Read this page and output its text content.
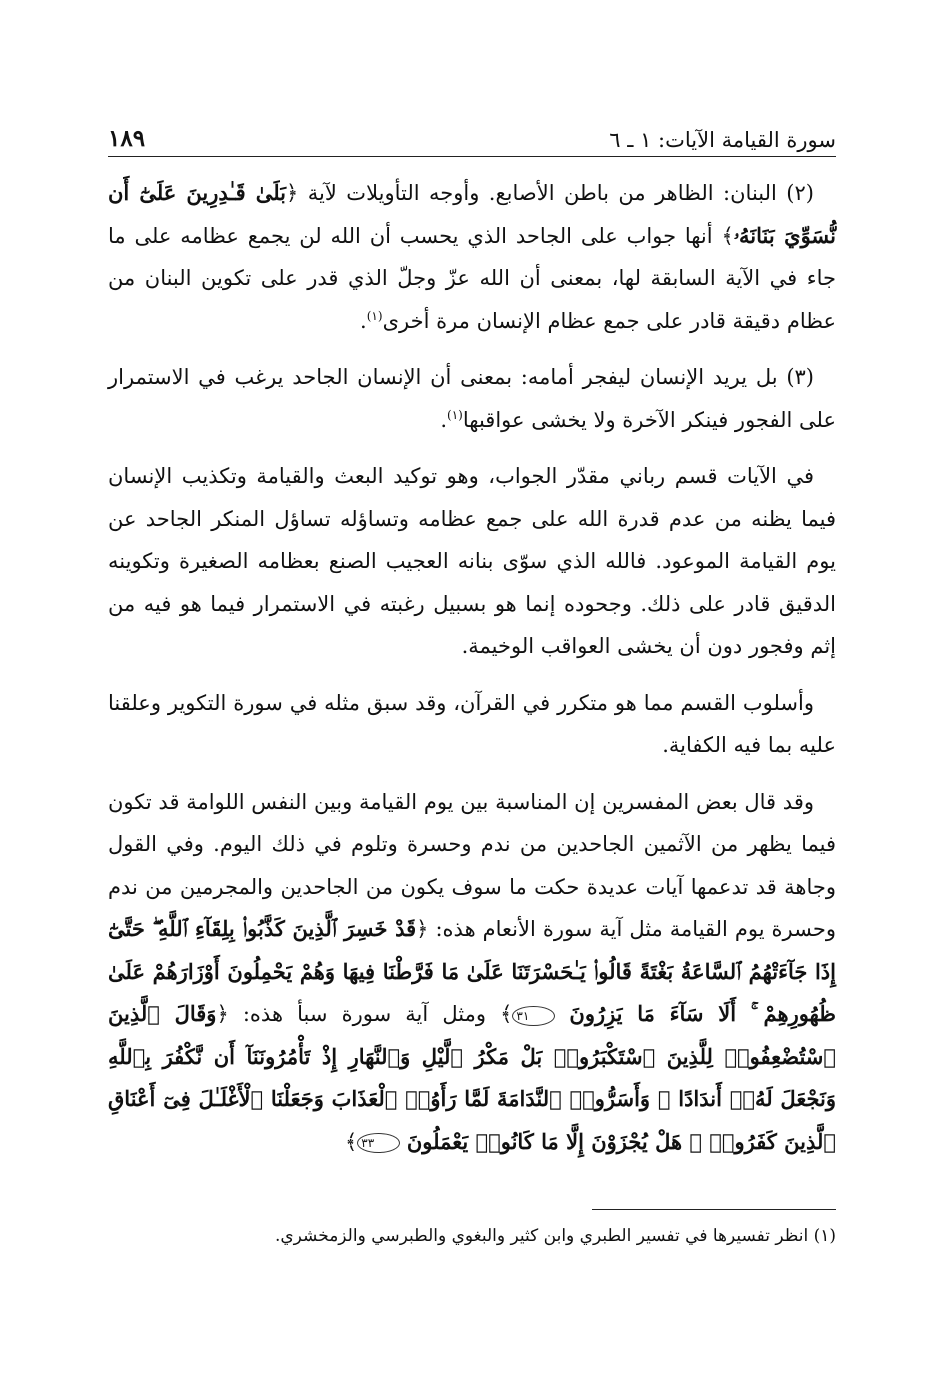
١٨٩	سورة القيامة الآيات: ١ ـ ٦

(٢) البنان: الظاهر من باطن الأصابع. وأوجه التأويلات لآية ﴿بَلَىٰ قَـٰدِرِينَ عَلَىٰٓ أَن نُّسَوِّيَ بَنَانَهُۥ﴾ أنها جواب على الجاحد الذي يحسب أن الله لن يجمع عظامه على ما جاء في الآية السابقة لها، بمعنى أن الله عزّ وجلّ الذي قدر على تكوين البنان من عظام دقيقة قادر على جمع عظام الإنسان مرة أخرى$^{(١)}$.

(٣) بل يريد الإنسان ليفجر أمامه: بمعنى أن الإنسان الجاحد يرغب في الاستمرار على الفجور فينكر الآخرة ولا يخشى عواقبها$^{(١)}$.

في الآيات قسم رباني مقدّر الجواب، وهو توكيد البعث والقيامة وتكذيب الإنسان فيما يظنه من عدم قدرة الله على جمع عظامه وتساؤله تساؤل المنكر الجاحد عن يوم القيامة الموعود. فالله الذي سوّى بنانه العجيب الصنع بعظامه الصغيرة وتكوينه الدقيق قادر على ذلك. وجحوده إنما هو بسبيل رغبته في الاستمرار فيما هو فيه من إثم وفجور دون أن يخشى العواقب الوخيمة.

وأسلوب القسم مما هو متكرر في القرآن، وقد سبق مثله في سورة التكوير وعلقنا عليه بما فيه الكفاية.

وقد قال بعض المفسرين إن المناسبة بين يوم القيامة وبين النفس اللوامة قد تكون فيما يظهر من الآثمين الجاحدين من ندم وحسرة وتلوم في ذلك اليوم. وفي القول وجاهة قد تدعمها آيات عديدة حكت ما سوف يكون من الجاحدين والمجرمين من ندم وحسرة يوم القيامة مثل آية سورة الأنعام هذه: ﴿قَدْ خَسِرَ ٱلَّذِينَ كَذَّبُوا۟ بِلِقَآءِ ٱللَّهِ ۖ حَتَّىٰٓ إِذَا جَآءَتْهُمُ ٱلسَّاعَةُ بَغْتَةً قَالُوا۟ يَـٰحَسْرَتَنَا عَلَىٰ مَا فَرَّطْنَا فِيهَا وَهُمْ يَحْمِلُونَ أَوْزَارَهُمْ عَلَىٰ ظُهُورِهِمْ ۚ أَلَا سَآءَ مَا يَزِرُونَ ٣١﴾ ومثل آية سورة سبأ هذه: ﴿وَقَالَ ٱلَّذِينَ ٱسْتُضْعِفُوا۟ لِلَّذِينَ ٱسْتَكْبَرُوا۟ بَلْ مَكْرُ ٱلَّيْلِ وَٱلنَّهَارِ إِذْ تَأْمُرُونَنَآ أَن نَّكْفُرَ بِٱللَّهِ وَنَجْعَلَ لَهُۥٓ أَندَادًا ۚ وَأَسَرُّوا۟ ٱلنَّدَامَةَ لَمَّا رَأَوُا۟ ٱلْعَذَابَ وَجَعَلْنَا ٱلْأَغْلَـٰلَ فِىٓ أَعْنَاقِ ٱلَّذِينَ كَفَرُوا۟ ۚ هَلْ يُجْزَوْنَ إِلَّا مَا كَانُوا۟ يَعْمَلُونَ ٣٣﴾

(١) انظر تفسيرها في تفسير الطبري وابن كثير والبغوي والطبرسي والزمخشري.
